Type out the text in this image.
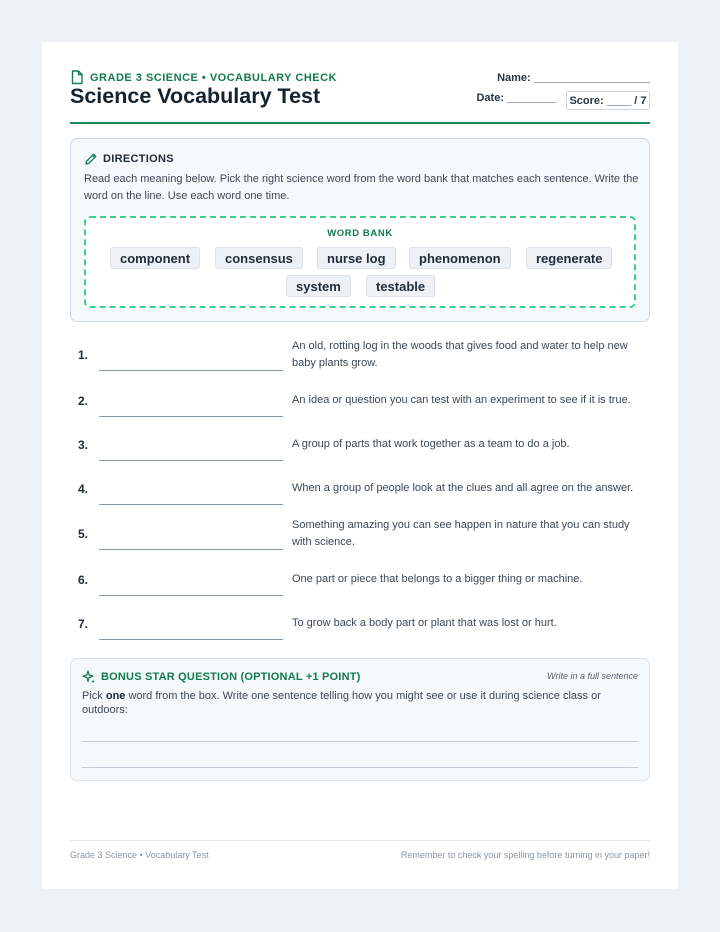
GRADE 3 SCIENCE • VOCABULARY CHECK
Science Vocabulary Test
Name: ___________________
Date: ________	Score: ____ / 7
DIRECTIONS
Read each meaning below. Pick the right science word from the word bank that matches each sentence. Write the word on the line. Use each word one time.
WORD BANK
component	consensus	nurse log	phenomenon	regenerate
system	testable
1.
An old, rotting log in the woods that gives food and water to help new baby plants grow.
2.	An idea or question you can test with an experiment to see if it is true.
3.	A group of parts that work together as a team to do a job.
4.	When a group of people look at the clues and all agree on the answer.
5.
Something amazing you can see happen in nature that you can study with science.
6.	One part or piece that belongs to a bigger thing or machine.
7.	To grow back a body part or plant that was lost or hurt.
BONUS STAR QUESTION (OPTIONAL +1 POINT)	Write in a full sentence
Pick one word from the box. Write one sentence telling how you might see or use it during science class or outdoors:
Grade 3 Science • Vocabulary Test	Remember to check your spelling before turning in your paper!
